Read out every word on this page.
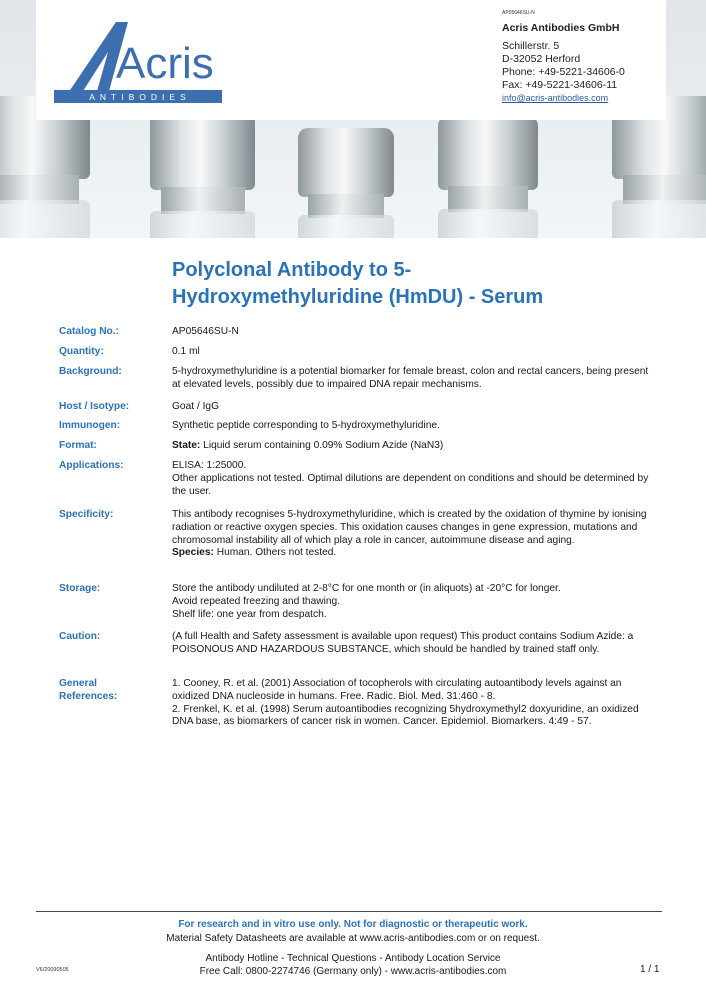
Acris
ANTIBODIES
AP05646SU-N
Acris Antibodies GmbH
Schillerstr. 5
D-32052 Herford
Phone: +49-5221-34606-0
Fax: +49-5221-34606-11
info@acris-antibodies.com
Polyclonal Antibody to 5-
Hydroxymethyluridine (HmDU) - Serum
Catalog No.:	AP05646SU-N
Quantity:	0.1 ml
Background:	5-hydroxymethyluridine is a potential biomarker for female breast, colon and rectal cancers, being present at elevated levels, possibly due to impaired DNA repair mechanisms.
Host / Isotype:	Goat / IgG
Immunogen:	Synthetic peptide corresponding to 5-hydroxymethyluridine.
Format:	State: Liquid serum containing 0.09% Sodium Azide (NaN3)
Applications:	ELISA: 1:25000.

Other applications not tested. Optimal dilutions are dependent on conditions and should be determined by the user.

Specificity:	This antibody recognises 5-hydroxymethyluridine, which is created by the oxidation of thymine by ionising radiation or reactive oxygen species. This oxidation causes changes in gene expression, mutations and chromosomal instability all of which play a role in cancer, autoimmune disease and aging.

Species: Human. Others not tested.

Storage:	Store the antibody undiluted at 2-8°C for one month or (in aliquots) at -20°C for longer.

Avoid repeated freezing and thawing.

Shelf life: one year from despatch.

Caution:	(A full Health and Safety assessment is available upon request) This product contains Sodium Azide: a POISONOUS AND HAZARDOUS SUBSTANCE, which should be handled by trained staff only.
General
References:

1. Cooney, R. et al. (2001) Association of tocopherols with circulating autoantibody levels against an oxidized DNA nucleoside in humans. Free. Radic. Biol. Med. 31:460 - 8.

2. Frenkel, K. et al. (1998) Serum autoantibodies recognizing 5hydroxymethyl2 doxyuridine, an oxidized DNA base, as biomarkers of cancer risk in women. Cancer. Epidemiol. Biomarkers. 4:49 - 57.

For research and in vitro use only. Not for diagnostic or therapeutic work.
Material Safety Datasheets are available at www.acris-antibodies.com or on request.
Antibody Hotline - Technical Questions - Antibody Location Service
Free Call: 0800-2274746 (Germany only) - www.acris-antibodies.com
V6/20090505	1 / 1
